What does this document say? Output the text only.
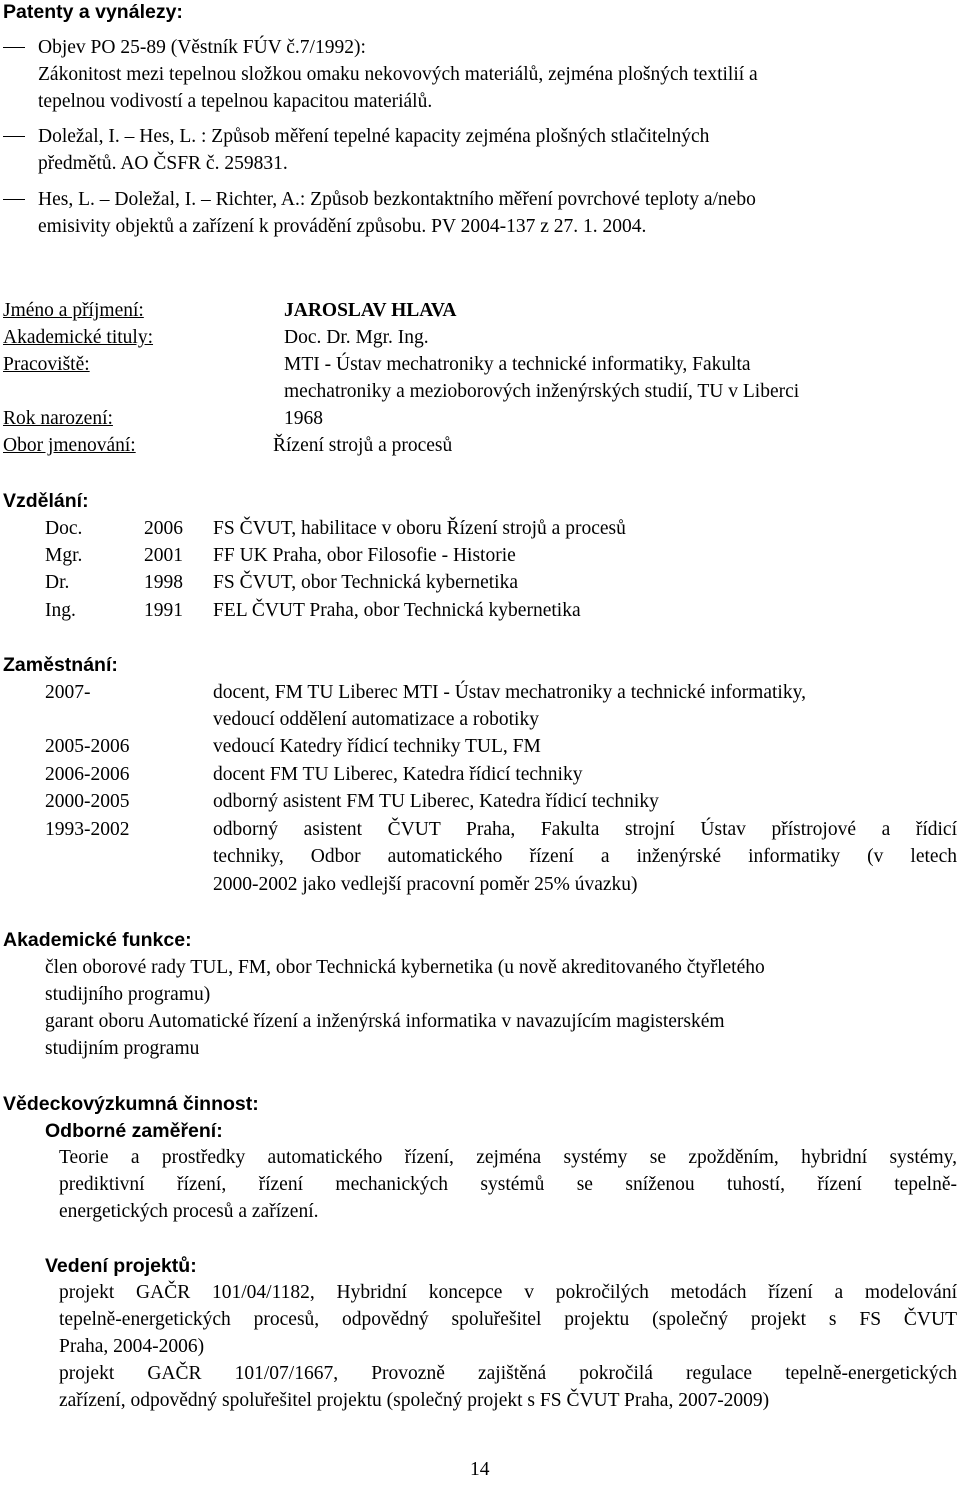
Patenty a vynálezy:
Objev PO 25-89 (Věstník FÚV č.7/1992):
Zákonitost mezi tepelnou složkou omaku nekovových materiálů, zejména plošných textilií a
tepelnou vodivostí a tepelnou kapacitou materiálů.
Doležal, I. – Hes, L. : Způsob měření tepelné kapacity zejména plošných stlačitelných
předmětů. AO ČSFR č. 259831.
Hes, L. – Doležal, I. – Richter, A.: Způsob bezkontaktního měření povrchové teploty a/nebo
emisivity objektů a zařízení k provádění způsobu. PV 2004-137 z 27. 1. 2004.
Jméno a příjmení:	JAROSLAV HLAVA
Akademické tituly:	Doc. Dr. Mgr. Ing.
Pracoviště:	MTI - Ústav mechatroniky a technické informatiky, Fakulta
mechatroniky a mezioborových inženýrských studií, TU v Liberci
Rok narození:	1968
Obor jmenování:	Řízení strojů a procesů
Vzdělání:
Doc.	2006 FS ČVUT, habilitace v oboru Řízení strojů a procesů
Mgr.	2001 FF UK Praha, obor Filosofie - Historie
Dr.	1998 FS ČVUT, obor Technická kybernetika
Ing.	1991 FEL ČVUT Praha, obor Technická kybernetika
Zaměstnání:
2007-	docent, FM TU Liberec MTI - Ústav mechatroniky a technické informatiky,
vedoucí oddělení automatizace a robotiky
2005-2006	vedoucí Katedry řídicí techniky TUL, FM
2006-2006	docent FM TU Liberec, Katedra řídicí techniky
2000-2005	odborný asistent FM TU Liberec, Katedra řídicí techniky
1993-2002	odborný asistent ČVUT Praha, Fakulta strojní Ústav přístrojové a řídicí
techniky, Odbor automatického řízení a inženýrské informatiky (v letech
2000-2002 jako vedlejší pracovní poměr 25% úvazku)
Akademické funkce:
člen oborové rady TUL, FM, obor Technická kybernetika (u nově akreditovaného čtyřletého
studijního programu)
garant oboru Automatické řízení a inženýrská informatika v navazujícím magisterském
studijním programu
Vědeckovýzkumná činnost:
Odborné zaměření:
Teorie a prostředky automatického řízení, zejména systémy se zpožděním, hybridní systémy,
prediktivní řízení, řízení mechanických systémů se sníženou tuhostí, řízení tepelně-
energetických procesů a zařízení.
Vedení projektů:
projekt GAČR 101/04/1182, Hybridní koncepce v pokročilých metodách řízení a modelování
tepelně-energetických procesů, odpovědný spoluřešitel projektu (společný projekt s FS ČVUT
Praha, 2004-2006)
projekt GAČR 101/07/1667, Provozně zajištěná pokročilá regulace tepelně-energetických
zařízení, odpovědný spoluřešitel projektu (společný projekt s FS ČVUT Praha, 2007-2009)
14
